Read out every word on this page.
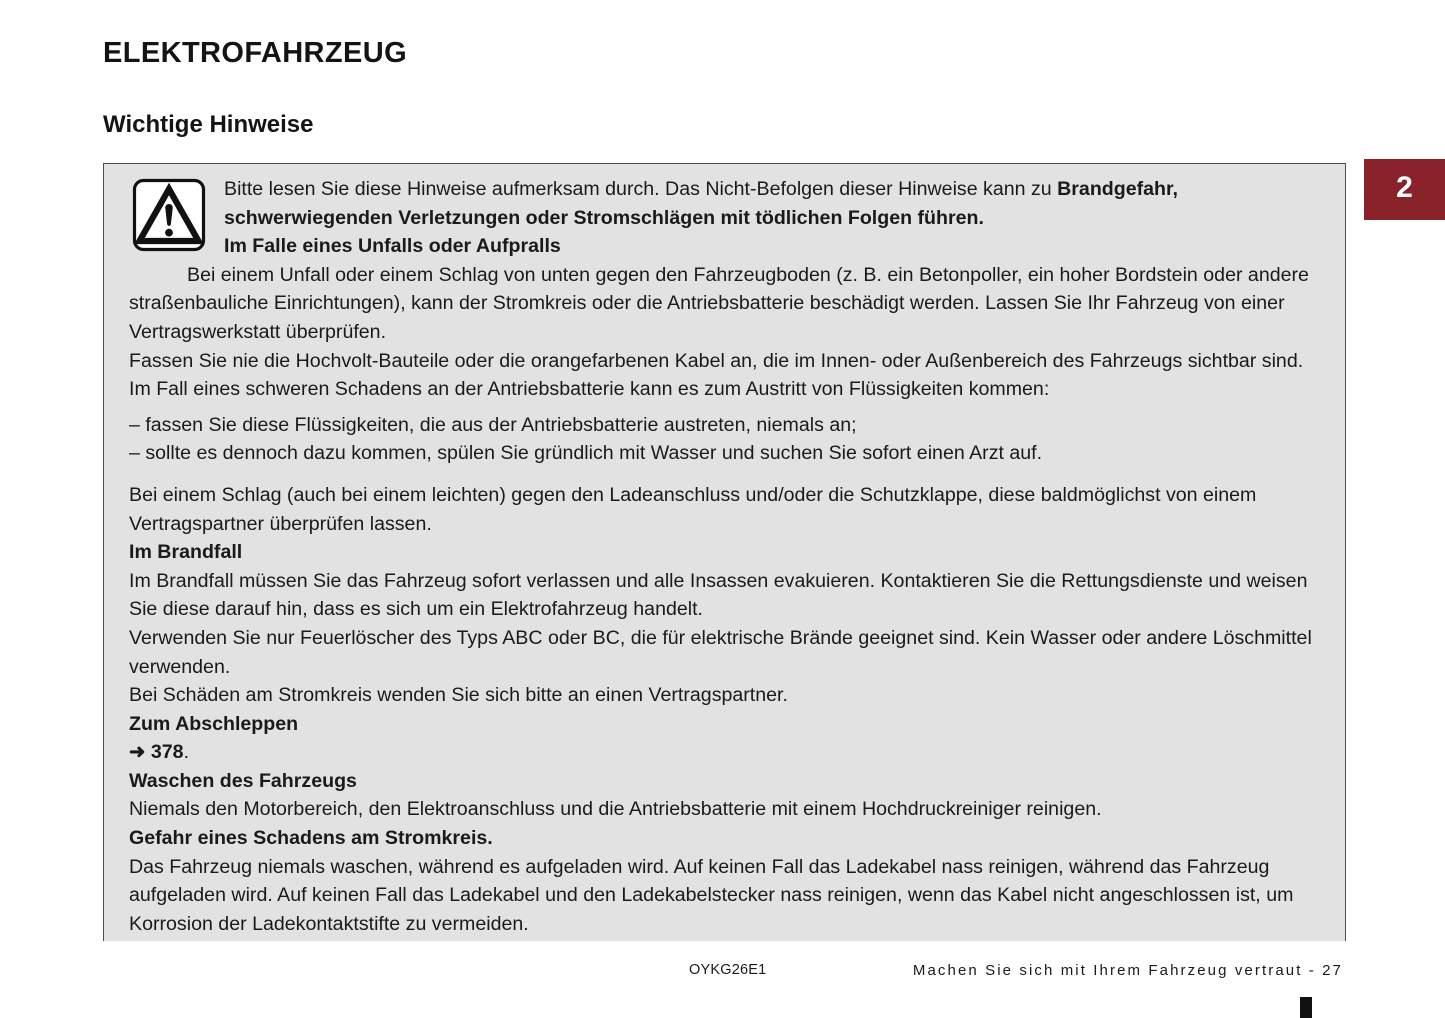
ELEKTROFAHRZEUG
Wichtige Hinweise
2

Bitte lesen Sie diese Hinweise aufmerksam durch. Das Nicht-Befolgen dieser Hinweise kann zu Brandgefahr, schwerwiegenden Verletzungen oder Stromschlägen mit tödlichen Folgen führen.
Im Falle eines Unfalls oder Aufpralls

Bei einem Unfall oder einem Schlag von unten gegen den Fahrzeugboden (z. B. ein Betonpoller, ein hoher Bordstein oder andere straßenbauliche Einrichtungen), kann der Stromkreis oder die Antriebsbatterie beschädigt werden. Lassen Sie Ihr Fahrzeug von einer Vertragswerkstatt überprüfen.

Fassen Sie nie die Hochvolt-Bauteile oder die orangefarbenen Kabel an, die im Innen- oder Außenbereich des Fahrzeugs sichtbar sind.

Im Fall eines schweren Schadens an der Antriebsbatterie kann es zum Austritt von Flüssigkeiten kommen:

– fassen Sie diese Flüssigkeiten, die aus der Antriebsbatterie austreten, niemals an;

– sollte es dennoch dazu kommen, spülen Sie gründlich mit Wasser und suchen Sie sofort einen Arzt auf.

Bei einem Schlag (auch bei einem leichten) gegen den Ladeanschluss und/oder die Schutzklappe, diese baldmöglichst von einem Vertragspartner überprüfen lassen.

Im Brandfall

Im Brandfall müssen Sie das Fahrzeug sofort verlassen und alle Insassen evakuieren. Kontaktieren Sie die Rettungsdienste und weisen Sie diese darauf hin, dass es sich um ein Elektrofahrzeug handelt.

Verwenden Sie nur Feuerlöscher des Typs ABC oder BC, die für elektrische Brände geeignet sind. Kein Wasser oder andere Löschmittel verwenden.

Bei Schäden am Stromkreis wenden Sie sich bitte an einen Vertragspartner.

Zum Abschleppen

➜ 378.

Waschen des Fahrzeugs

Niemals den Motorbereich, den Elektroanschluss und die Antriebsbatterie mit einem Hochdruckreiniger reinigen.

Gefahr eines Schadens am Stromkreis.

Das Fahrzeug niemals waschen, während es aufgeladen wird. Auf keinen Fall das Ladekabel nass reinigen, während das Fahrzeug aufgeladen wird. Auf keinen Fall das Ladekabel und den Ladekabelstecker nass reinigen, wenn das Kabel nicht angeschlossen ist, um Korrosion der Ladekontaktstifte zu vermeiden.

OYKG26E1	Machen Sie sich mit Ihrem Fahrzeug vertraut - 27
